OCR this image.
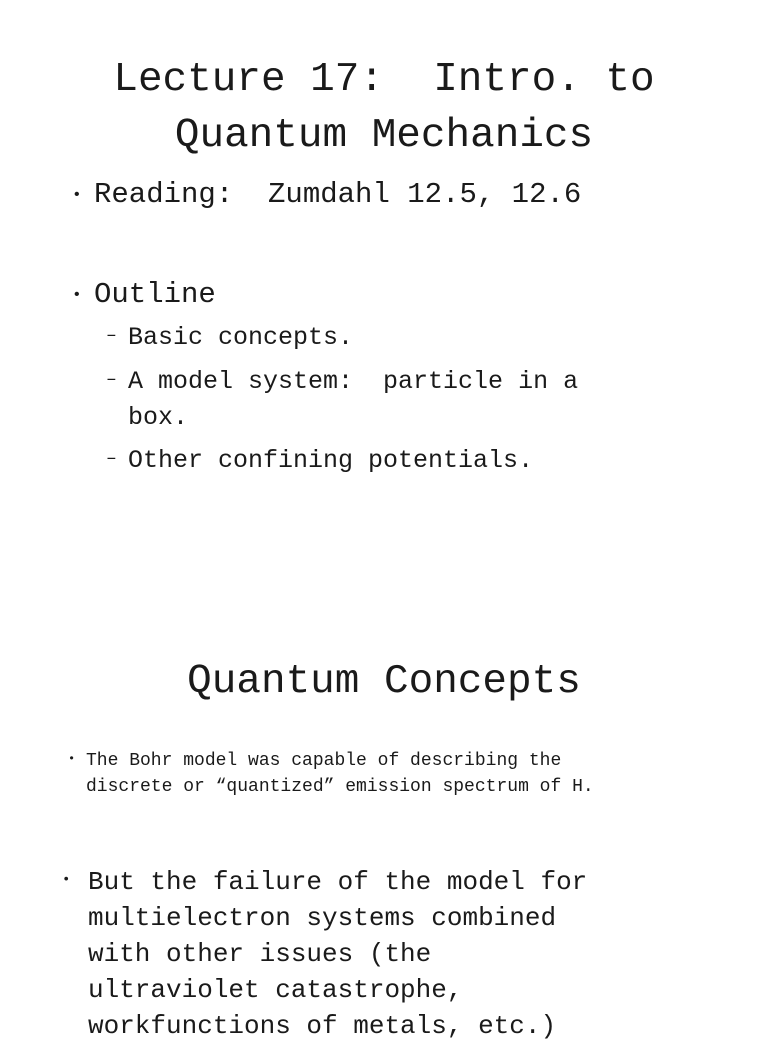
Lecture 17:  Intro. to
Quantum Mechanics

•

Reading:  Zumdahl 12.5, 12.6

•

Outline

–

Basic concepts.

–

A model system:  particle in a
box.

–

Other confining potentials.

Quantum Concepts
• The Bohr model was capable of describing the
discrete or “quantized” emission spectrum of H.
• But the failure of the model for
multielectron systems combined
with other issues (the
ultraviolet catastrophe,
workfunctions of metals, etc.)
